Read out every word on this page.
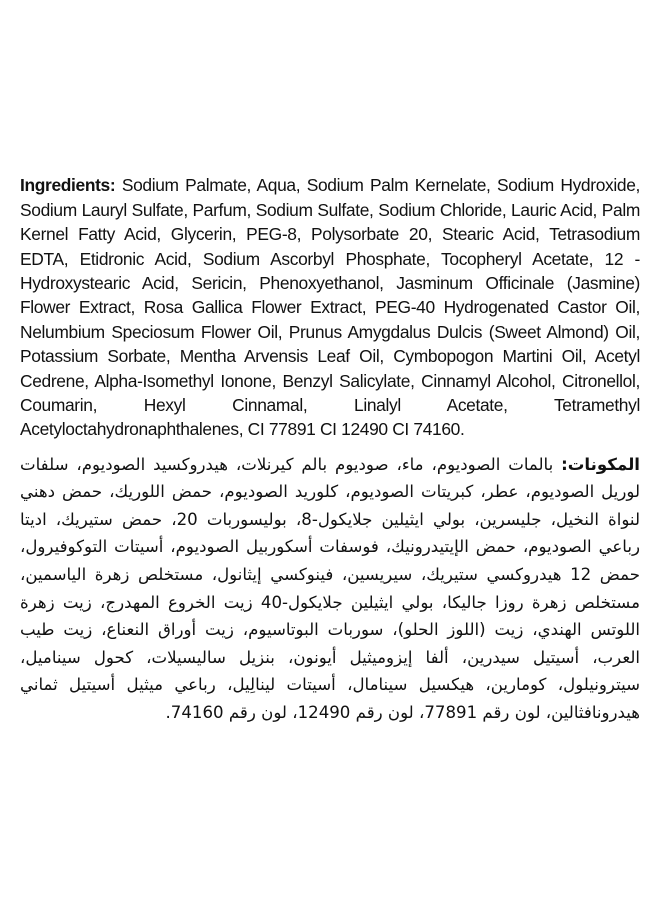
Ingredients: Sodium Palmate, Aqua, Sodium Palm Kernelate, Sodium Hydroxide, Sodium Lauryl Sulfate, Parfum, Sodium Sulfate, Sodium Chloride, Lauric Acid, Palm Kernel Fatty Acid, Glycerin, PEG-8, Polysorbate 20, Stearic Acid, Tetrasodium EDTA, Etidronic Acid, Sodium Ascorbyl Phosphate, Tocopheryl Acetate, 12 - Hydroxystearic Acid, Sericin, Phenoxyethanol, Jasminum Officinale (Jasmine) Flower Extract, Rosa Gallica Flower Extract, PEG-40 Hydrogenated Castor Oil, Nelumbium Speciosum Flower Oil, Prunus Amygdalus Dulcis (Sweet Almond) Oil, Potassium Sorbate, Mentha Arvensis Leaf Oil, Cymbopogon Martini Oil, Acetyl Cedrene, Alpha-Isomethyl Ionone, Benzyl Salicylate, Cinnamyl Alcohol, Citronellol, Coumarin, Hexyl Cinnamal, Linalyl Acetate, Tetramethyl Acetyloctahydronaphthalenes, CI 77891 CI 12490 CI 74160.

المكونات: بالمات الصوديوم، ماء، صوديوم بالم كيرنلات، هيدروكسيد الصوديوم، سلفات لوريل الصوديوم، عطر، كبريتات الصوديوم، كلوريد الصوديوم، حمض اللوريك، حمض دهني لنواة النخيل، جليسرين، بولي ايثيلين جلايكول-8، بوليسوربات 20، حمض ستيريك، اديتا رباعي الصوديوم، حمض الإيتيدرونيك، فوسفات أسكوربيل الصوديوم، أسيتات التوكوفيرول، حمض 12 هيدروكسي ستيريك، سيريسين، فينوكسي إيثانول، مستخلص زهرة الياسمين، مستخلص زهرة روزا جاليكا، بولي ايثيلين جلايكول-40 زيت الخروع المهدرج، زيت زهرة اللوتس الهندي، زيت (اللوز الحلو)، سوربات البوتاسيوم، زيت أوراق النعناع، زيت طيب العرب، أسيتيل سيدرين، ألفا إيزوميثيل أيونون، بنزيل ساليسيلات، كحول سيناميل، سيترونيلول، كومارين، هيكسيل سينامال، أسيتات لينالِيل، رباعي ميثيل أسيتيل ثماني هيدرونافثالين، لون رقم 77891، لون رقم 12490، لون رقم 74160.
